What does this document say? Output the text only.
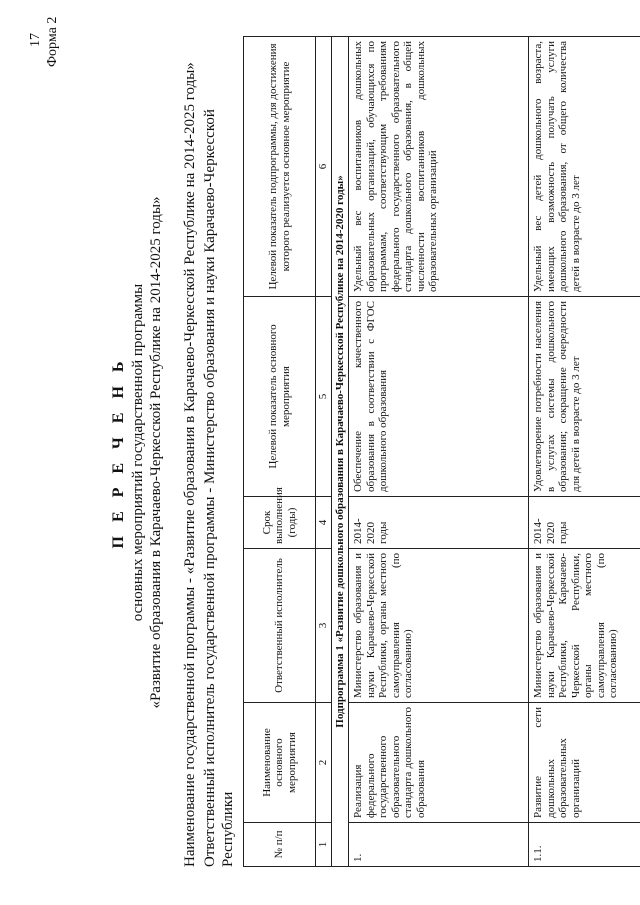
17 Форма 2
П Е Р Е Ч Е Н Ь основных мероприятий государственной программы «Развитие образования в Карачаево-Черкесской Республике на 2014-2025 годы» Наименование государственной программы - «Развитие образования в Карачаево-Черкесской Республике на 2014-2025 годы» Ответственный исполнитель государственной программы - Министерство образования и науки Карачаево-Черкесской Республики	№ п/п	Наименование основного мероприятия	Ответственный исполнитель	Срок выполнения (годы)	Целевой показатель основного мероприятия	Целевой показатель подпрограммы, для достижения которого реализуется основное мероприятие
1	2	3	4	5	6
Подпрограмма 1 «Развитие дошкольного образования в Карачаево-Черкесской Республике на 2014-2020 годы»					
1.	Реализация федерального государственного образовательного стандарта дошкольного образования	Министерство образования и науки Карачаево-Черкесской Республики, органы местного самоуправления (по согласованию)	2014-2020 годы	Обеспечение качественного образования в соответствии с ФГОС дошкольного образования	Удельный вес воспитанников дошкольных образовательных организаций, обучающихся по программам, соответствующим требованиям федерального государственного образовательного стандарта дошкольного образования, в общей численности воспитанников дошкольных образовательных организаций
1.1.	Развитие сети дошкольных образовательных организаций	Министерство образования и науки Карачаево-Черкесской Республики, Карачаево-Черкесской Республики, органы местного самоуправления (по согласованию)	2014-2020 годы	Удовлетворение потребности населения в услугах системы дошкольного образования; сокращение очередности для детей в возрасте до 3 лет	Удельный вес детей дошкольного возраста, имеющих возможность получать услуги дошкольного образования, от общего количества детей в возрасте до 3 лет
